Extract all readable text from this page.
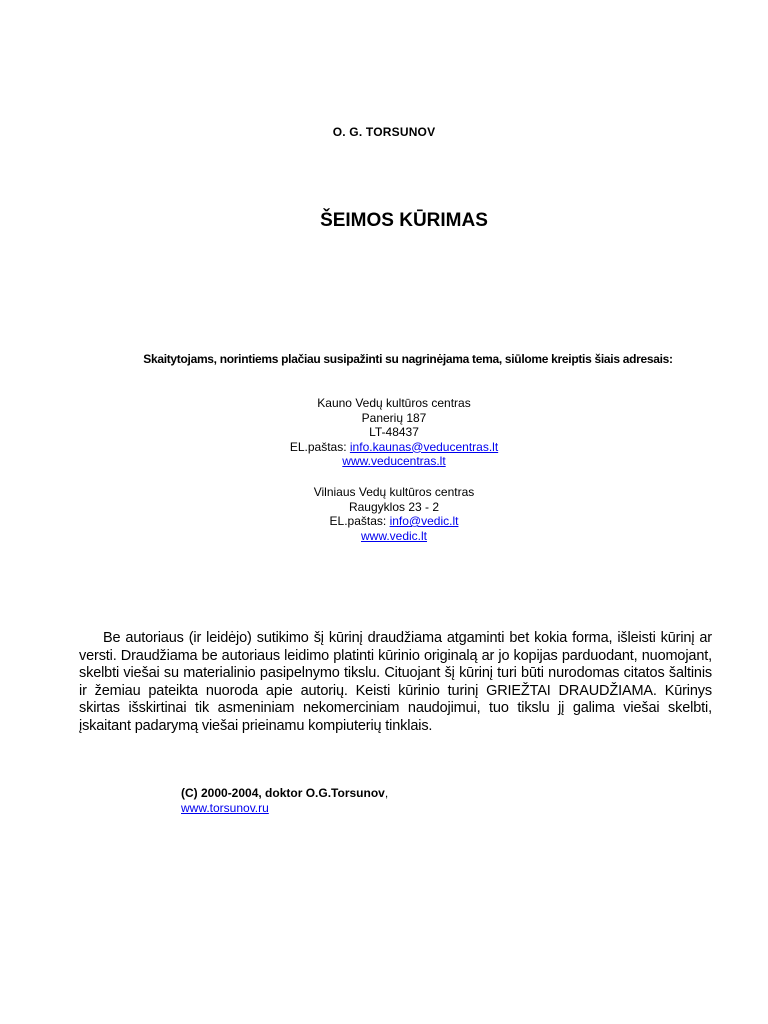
O. G. TORSUNOV
ŠEIMOS KŪRIMAS
Skaitytojams, norintiems plačiau susipažinti su nagrinėjama tema, siūlome kreiptis šiais adresais:
Kauno Vedų kultūros centras
Panerių 187
LT-48437
EL.paštas: info.kaunas@veducentras.lt
www.veducentras.lt
Vilniaus Vedų kultūros centras
Raugyklos 23 - 2
EL.paštas: info@vedic.lt
www.vedic.lt
Be autoriaus (ir leidėjo) sutikimo šį kūrinį draudžiama atgaminti bet kokia forma, išleisti kūrinį ar versti. Draudžiama be autoriaus leidimo platinti kūrinio originalą ar jo kopijas parduodant, nuomojant, skelbti viešai su materialinio pasipelnymo tikslu. Cituojant šį kūrinį turi būti nurodomas citatos šaltinis ir žemiau pateikta nuoroda apie autorių. Keisti kūrinio turinį GRIEŽTAI DRAUDŽIAMA. Kūrinys skirtas išskirtinai tik asmeniniam nekomerciniam naudojimui, tuo tikslu jį galima viešai skelbti, įskaitant padarymą viešai prieinamu kompiuterių tinklais.
(C) 2000-2004, doktor O.G.Torsunov,
www.torsunov.ru
